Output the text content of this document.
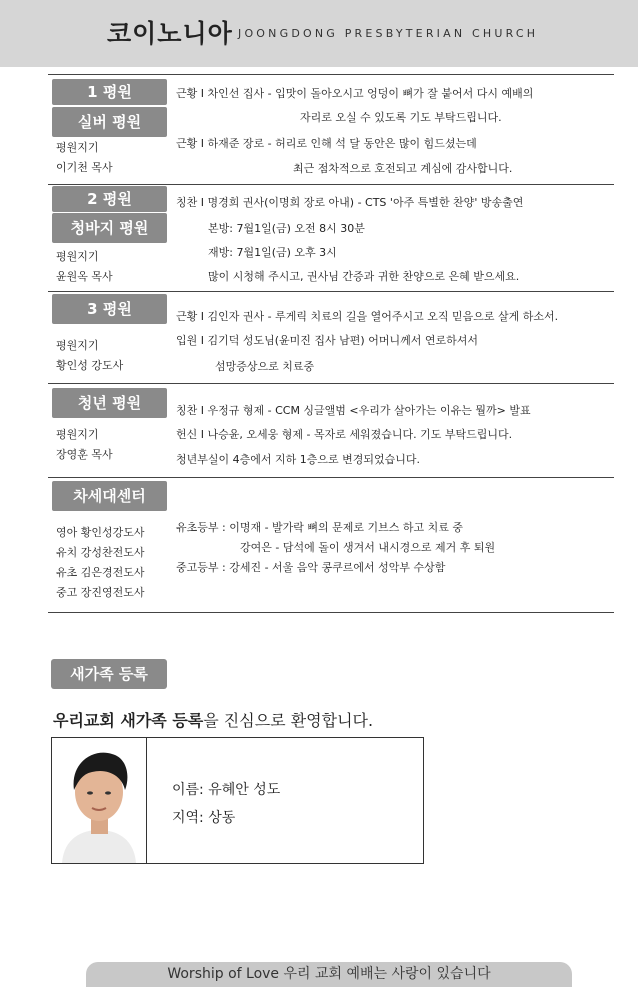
코이노니아 JOONGDONG PRESBYTERIAN CHURCH
1 평원
실버 평원
평원지기
이기천 목사
근황 I 차인선 집사 - 입맛이 돌아오시고 엉덩이 뼈가 잘 붙어서 다시 예배의
자리로 오실 수 있도록 기도 부탁드립니다.
근황 I 하재준 장로 - 허리로 인해 석 달 동안은 많이 힘드셨는데
최근 점차적으로 호전되고 계심에 감사합니다.
2 평원
청바지 평원
평원지기
윤원옥 목사
칭찬 I 명경희 권사(이명희 장로 아내) - CTS '아주 특별한 찬양' 방송출연
본방: 7월1일(금) 오전 8시 30분
재방: 7월1일(금) 오후 3시
많이 시청해 주시고, 권사님 간증과 귀한 찬양으로 은혜 받으세요.
3 평원
평원지기
황인성 강도사
근황 I 김인자 권사 - 루게릭 치료의 길을 열어주시고 오직 믿음으로 살게 하소서.
입원 I 김기덕 성도님(윤미진 집사 남편) 어머니께서 연로하셔서
섬망증상으로 치료중
청년 평원
평원지기
장영훈 목사
칭찬 I 우정규 형제 - CCM 싱글앨범 <우리가 살아가는 이유는 뭘까> 발표
헌신 I 나승윤, 오세웅 형제 - 목자로 세워졌습니다. 기도 부탁드립니다.
청년부실이 4층에서 지하 1층으로 변경되었습니다.
차세대센터
영아 황인성강도사
유치 강성찬전도사
유초 김은경전도사
중고 장진영전도사
유초등부 : 이명재 - 발가락 뼈의 문제로 기브스 하고 치료 중
강여은 - 담석에 돌이 생겨서 내시경으로 제거 후 퇴원
중고등부 : 강세진 - 서울 음악 콩쿠르에서 성악부 수상함
새가족 등록
우리교회 새가족 등록을 진심으로 환영합니다.
이름: 유혜안 성도
지역: 상동
Worship of Love 우리 교회 예배는 사랑이 있습니다
